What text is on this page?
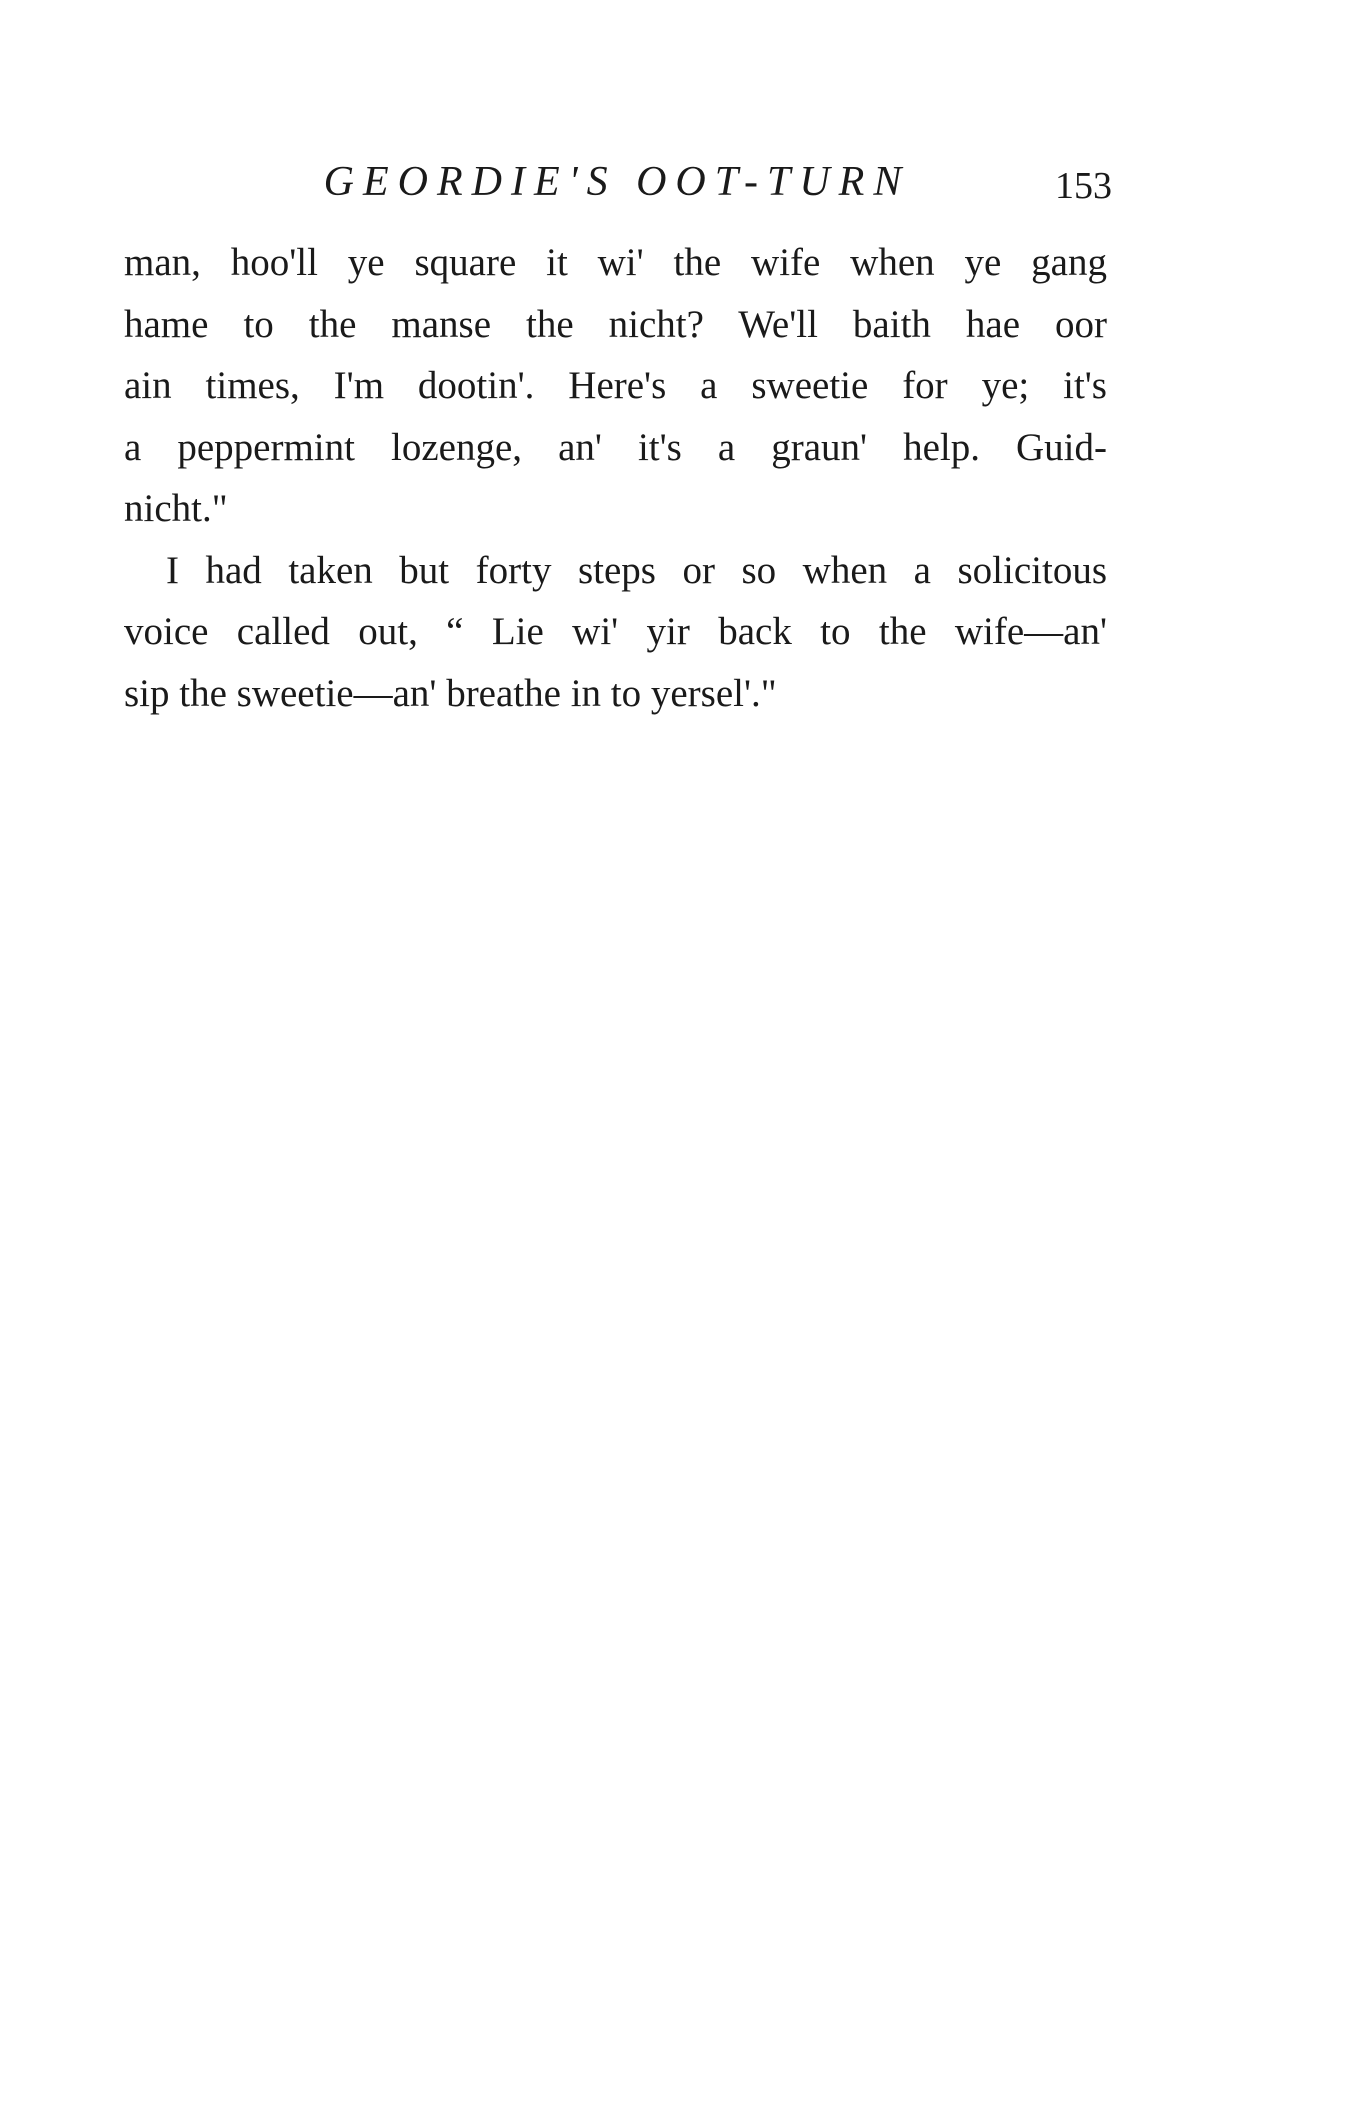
GEORDIE'S OOT-TURN	153
man, hoo'll ye square it wi' the wife when ye gang
hame to the manse the nicht? We'll baith hae oor
ain times, I'm dootin'. Here's a sweetie for ye; it's
a peppermint lozenge, an' it's a graun' help. Guid-
nicht."
I had taken but forty steps or so when a solicitous
voice called out, “ Lie wi' yir back to the wife—an'
sip the sweetie—an' breathe in to yersel'."
